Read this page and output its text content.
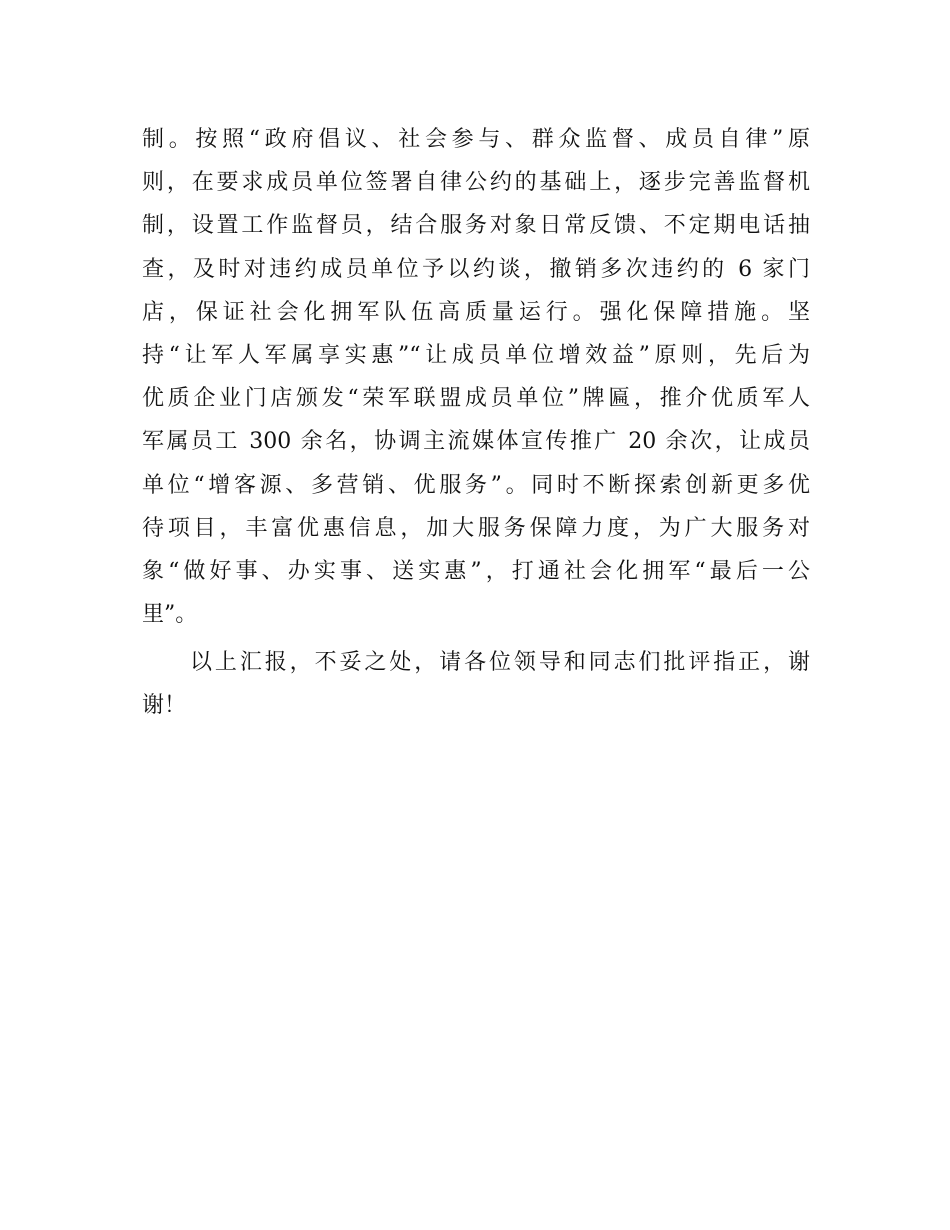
制。按照“政府倡议、社会参与、群众监督、成员自律”原
则，在要求成员单位签署自律公约的基础上，逐步完善监督机
制，设置工作监督员，结合服务对象日常反馈、不定期电话抽
查，及时对违约成员单位予以约谈，撤销多次违约的 6 家门
店，保证社会化拥军队伍高质量运行。强化保障措施。坚
持“让军人军属享实惠”“让成员单位增效益”原则，先后为
优质企业门店颁发“荣军联盟成员单位”牌匾，推介优质军人
军属员工 300 余名，协调主流媒体宣传推广 20 余次，让成员
单位“增客源、多营销、优服务”。同时不断探索创新更多优
待项目，丰富优惠信息，加大服务保障力度，为广大服务对
象“做好事、办实事、送实惠”，打通社会化拥军“最后一公
里”。
以上汇报，不妥之处，请各位领导和同志们批评指正，谢
谢！
